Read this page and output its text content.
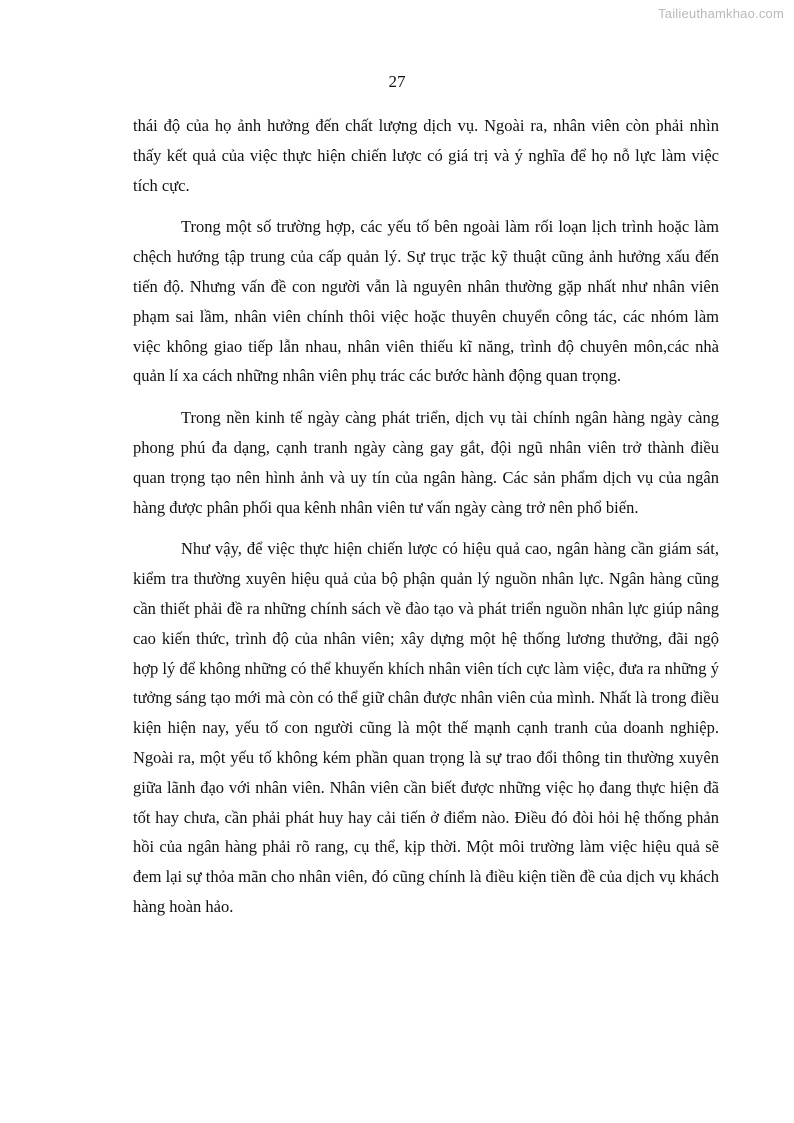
Tailieuthamkhao.com
27

thái độ của họ ảnh hưởng đến chất lượng dịch vụ. Ngoài ra, nhân viên còn phải nhìn thấy kết quả của việc thực hiện chiến lược có giá trị và ý nghĩa để họ nỗ lực làm việc tích cực.

Trong một số trường hợp, các yếu tố bên ngoài làm rối loạn lịch trình hoặc làm chệch hướng tập trung của cấp quản lý. Sự trục trặc kỹ thuật cũng ảnh hưởng xấu đến tiến độ. Nhưng vấn đề con người vẫn là nguyên nhân thường gặp nhất như nhân viên phạm sai lầm, nhân viên chính thôi việc hoặc thuyên chuyển công tác, các nhóm làm việc không giao tiếp lẫn nhau, nhân viên thiếu kĩ năng, trình độ chuyên môn,các nhà quản lí xa cách những nhân viên phụ trác các bước hành động quan trọng.

Trong nền kinh tế ngày càng phát triển, dịch vụ tài chính ngân hàng ngày càng phong phú đa dạng, cạnh tranh ngày càng gay gắt, đội ngũ nhân viên trở thành điều quan trọng tạo nên hình ảnh và uy tín của ngân hàng. Các sản phẩm dịch vụ của ngân hàng được phân phối qua kênh nhân viên tư vấn ngày càng trở nên phổ biến.

Như vậy, để việc thực hiện chiến lược có hiệu quả cao, ngân hàng cần giám sát, kiểm tra thường xuyên hiệu quả của bộ phận quản lý nguồn nhân lực. Ngân hàng cũng cần thiết phải đề ra những chính sách về đào tạo và phát triển nguồn nhân lực giúp nâng cao kiến thức, trình độ của nhân viên; xây dựng một hệ thống lương thưởng, đãi ngộ hợp lý để không những có thể khuyến khích nhân viên tích cực làm việc, đưa ra những ý tưởng sáng tạo mới mà còn có thể giữ chân được nhân viên của mình. Nhất là trong điều kiện hiện nay, yếu tố con người cũng là một thế mạnh cạnh tranh của doanh nghiệp. Ngoài ra, một yếu tố không kém phần quan trọng là sự trao đổi thông tin thường xuyên giữa lãnh đạo với nhân viên. Nhân viên cần biết được những việc họ đang thực hiện đã tốt hay chưa, cần phải phát huy hay cải tiến ở điểm nào. Điều đó đòi hỏi hệ thống phản hồi của ngân hàng phải rõ rang, cụ thể, kịp thời. Một môi trường làm việc hiệu quả sẽ đem lại sự thỏa mãn cho nhân viên, đó cũng chính là điều kiện tiền đề của dịch vụ khách hàng hoàn hảo.
